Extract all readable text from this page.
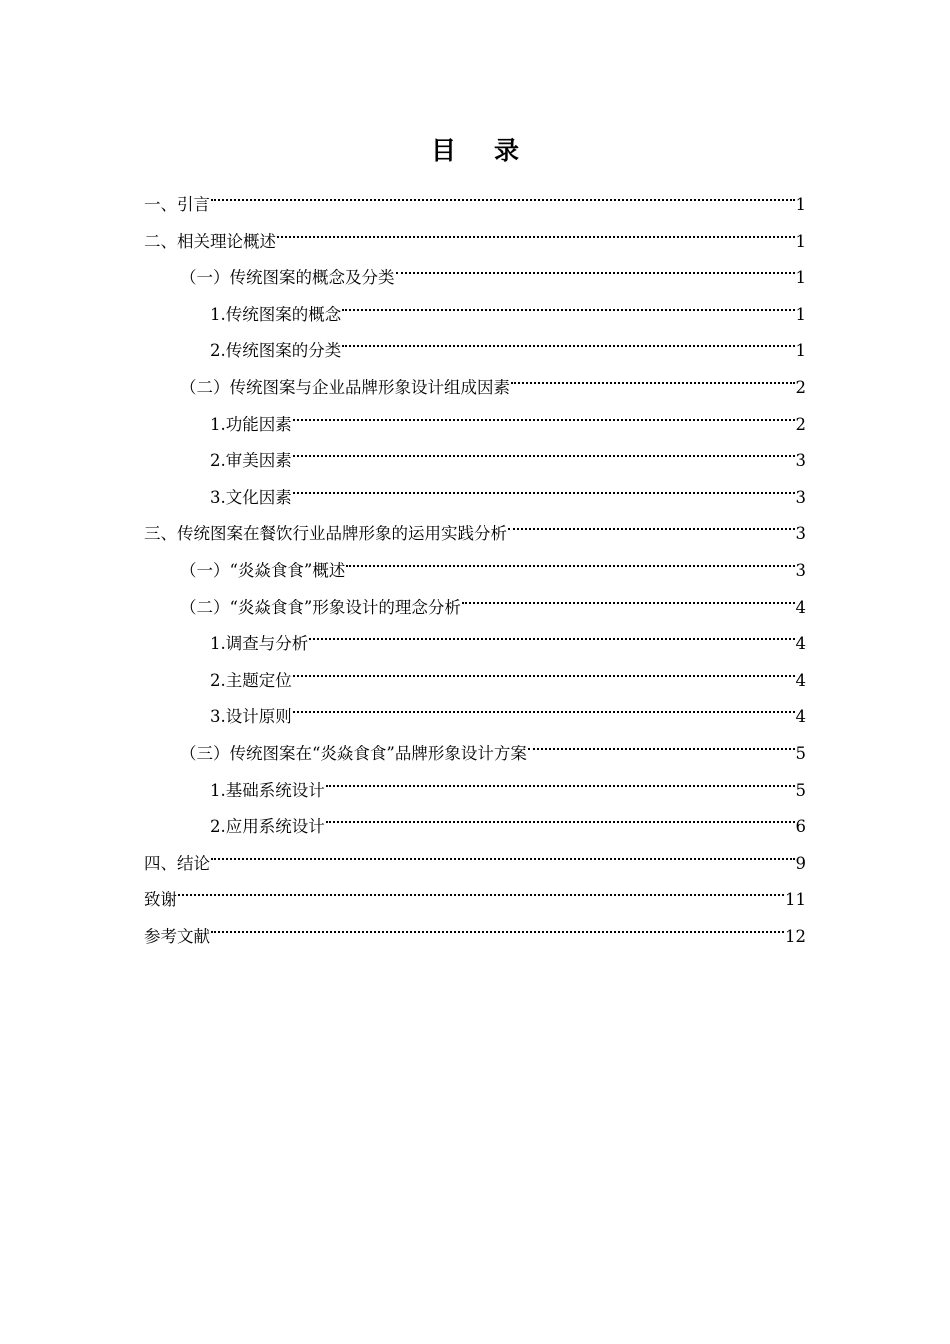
目录
一、引言	1
二、相关理论概述	1
（一）传统图案的概念及分类	1
1.传统图案的概念	1
2.传统图案的分类	1
（二）传统图案与企业品牌形象设计组成因素	2
1.功能因素	2
2.审美因素	3
3.文化因素	3
三、传统图案在餐饮行业品牌形象的运用实践分析	3
（一）“炎焱食食”概述	3
（二）“炎焱食食”形象设计的理念分析	4
1.调查与分析	4
2.主题定位	4
3.设计原则	4
（三）传统图案在“炎焱食食”品牌形象设计方案	5
1.基础系统设计	5
2.应用系统设计	6
四、结论	9
致谢	11
参考文献	12
